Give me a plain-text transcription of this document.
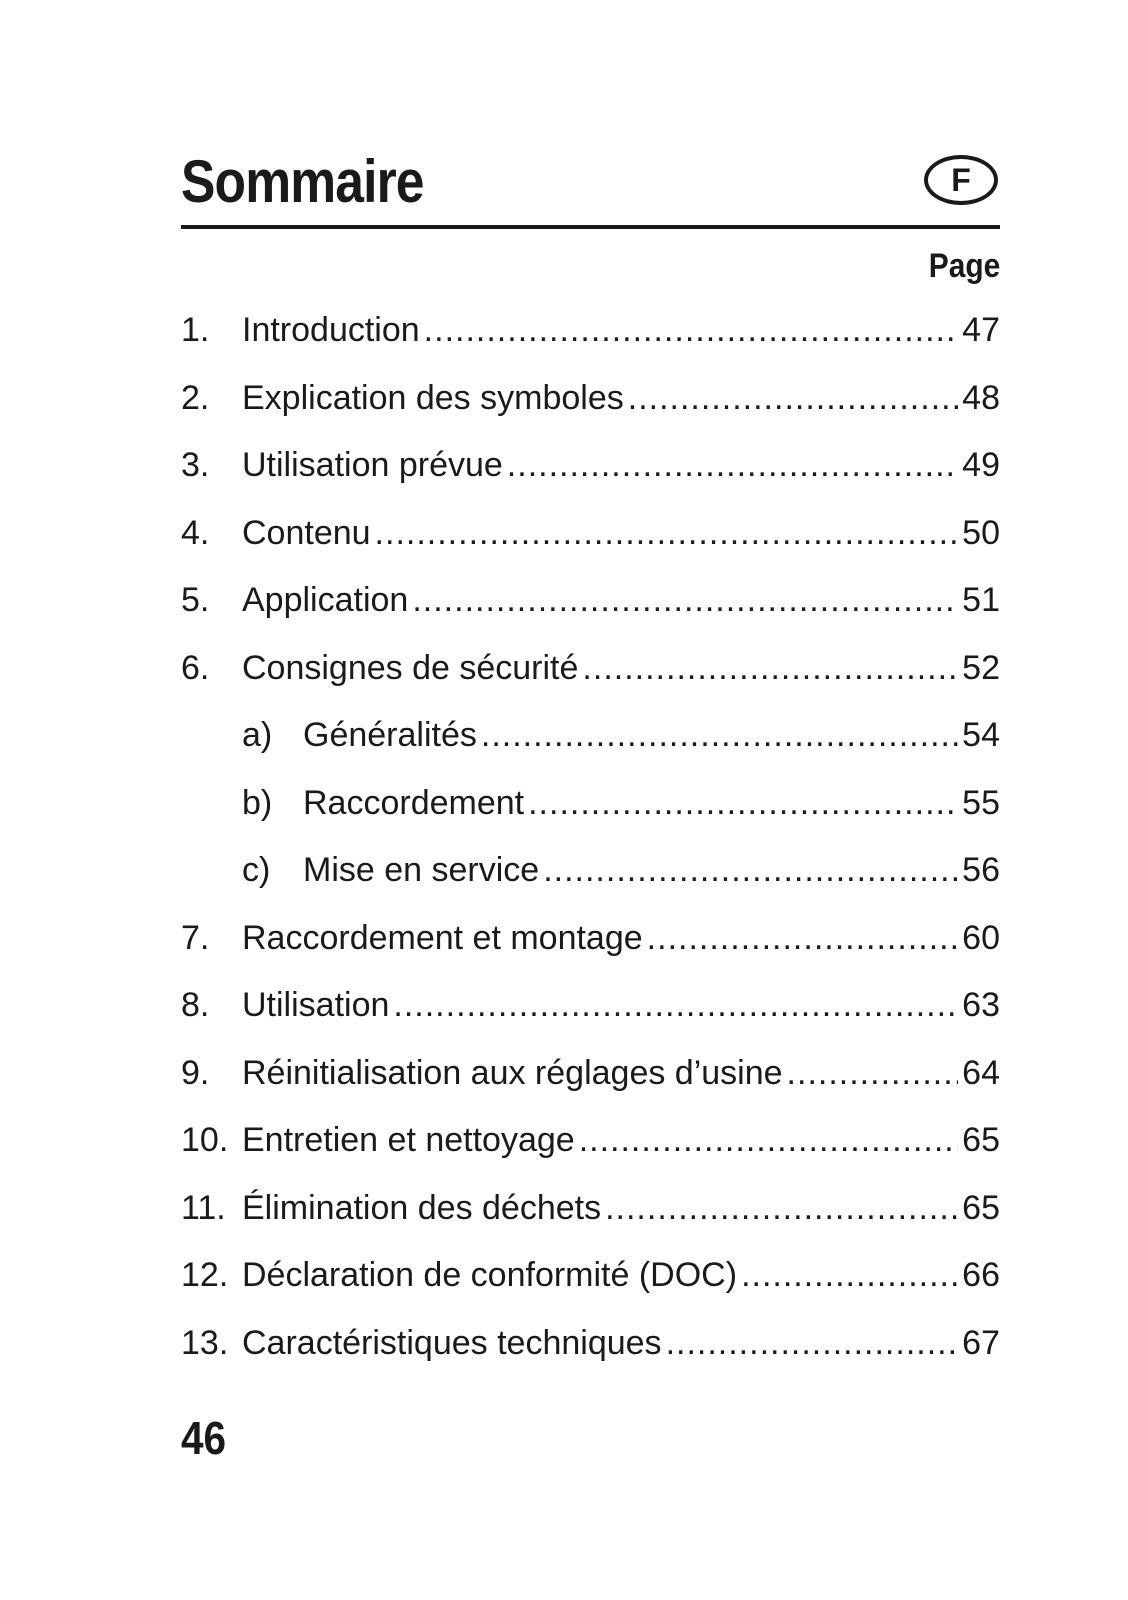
Sommaire	F
Page
1. Introduction .....	47
2. Explication des symboles .....	48
3. Utilisation prévue .....	49
4. Contenu .....	50
5. Application .....	51
6. Consignes de sécurité .....	52
a) Généralités .....	54
b) Raccordement .....	55
c) Mise en service .....	56
7. Raccordement et montage .....	60
8. Utilisation .....	63
9. Réinitialisation aux réglages d’usine .....	64
10. Entretien et nettoyage .....	65
11. Élimination des déchets .....	65
12. Déclaration de conformité (DOC) .....	66
13. Caractéristiques techniques .....	67
46
